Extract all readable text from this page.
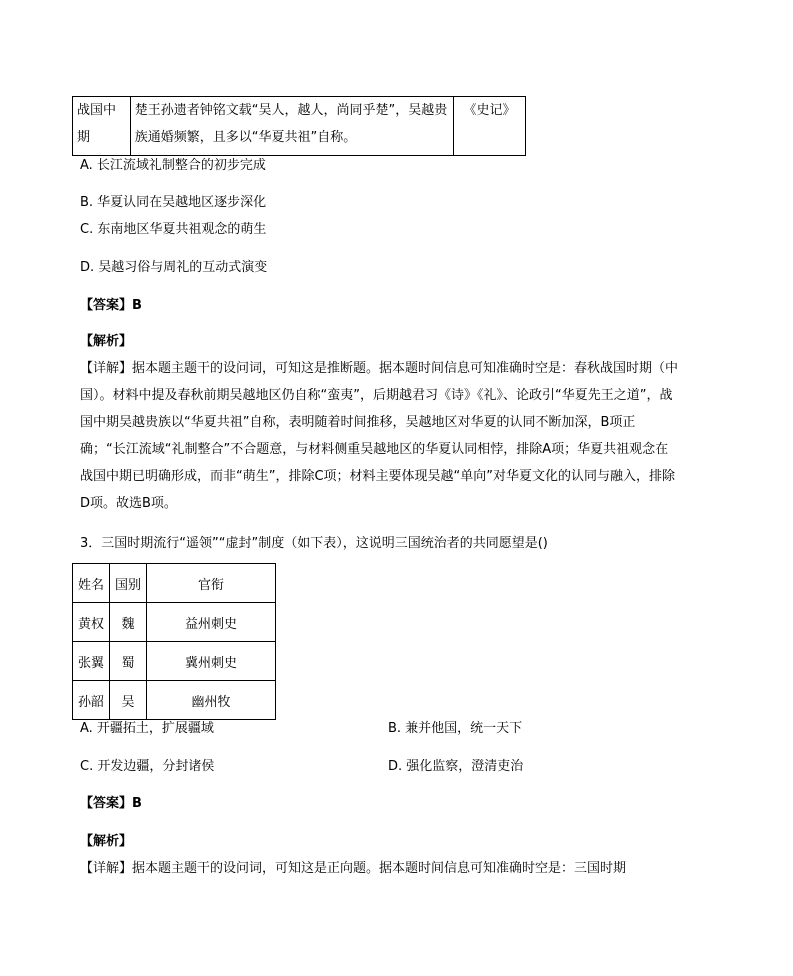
战国中期	楚王孙遗者钟铭文载“吴人，越人，尚同乎楚”，吴越贵族通婚频繁，且多以“华夏共祖”自称。	《史记》
A. 长江流域礼制整合的初步完成
B. 华夏认同在吴越地区逐步深化
C. 东南地区华夏共祖观念的萌生
D. 吴越习俗与周礼的互动式演变
【答案】B
【解析】
【详解】据本题主题干的设问词，可知这是推断题。据本题时间信息可知准确时空是：春秋战国时期（中国）。材料中提及春秋前期吴越地区仍自称“蛮夷”，后期越君习《诗》《礼》、论政引“华夏先王之道”，战国中期吴越贵族以“华夏共祖”自称，表明随着时间推移，吴越地区对华夏的认同不断加深，B项正确；“长江流域“礼制整合”不合题意，与材料侧重吴越地区的华夏认同相悖，排除A项；华夏共祖观念在战国中期已明确形成，而非“萌生”，排除C项；材料主要体现吴越“单向”对华夏文化的认同与融入，排除D项。故选B项。
3．三国时期流行“遥领”“虚封”制度（如下表），这说明三国统治者的共同愿望是()
姓名	国别	官衔
黄权	魏	益州刺史
张翼	蜀	冀州刺史
孙韶	吴	幽州牧
A. 开疆拓土，扩展疆域	B. 兼并他国，统一天下
C. 开发边疆，分封诸侯	D. 强化监察，澄清吏治
【答案】B
【解析】
【详解】据本题主题干的设问词，可知这是正向题。据本题时间信息可知准确时空是：三国时期
